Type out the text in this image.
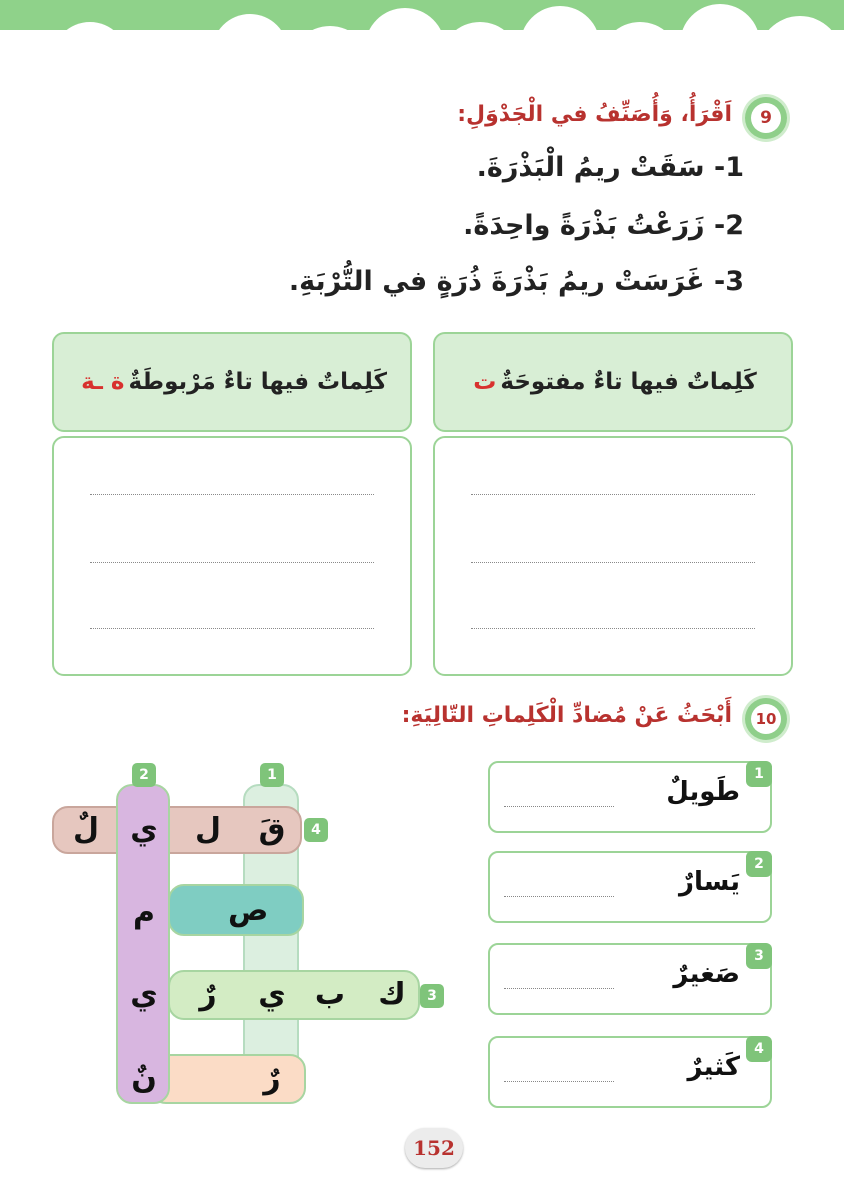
9
اَقْرَأُ، وَأُصَنِّفُ في الْجَدْوَلِ:
1- سَقَتْ ريمُ الْبَذْرَةَ.
2- زَرَعْتُ بَذْرَةً واحِدَةً.
3- غَرَسَتْ ريمُ بَذْرَةَ ذُرَةٍ في التُّرْبَةِ.
كَلِماتٌ فيها تاءٌ مفتوحَةٌ
ت
كَلِماتٌ فيها تاءٌ مَرْبوطَةٌ
ة ـة
10
أَبْحَثُ عَنْ مُضادِّ الْكَلِماتِ التّالِيَةِ:
1
2
3
4
قَ
ل
ي
لٌ
م
ي
نٌ
ص
ك
ب
ي
رٌ
رٌ
1
طَويلٌ
2
يَسارٌ
3
صَغيرٌ
4
كَثيرٌ
152
